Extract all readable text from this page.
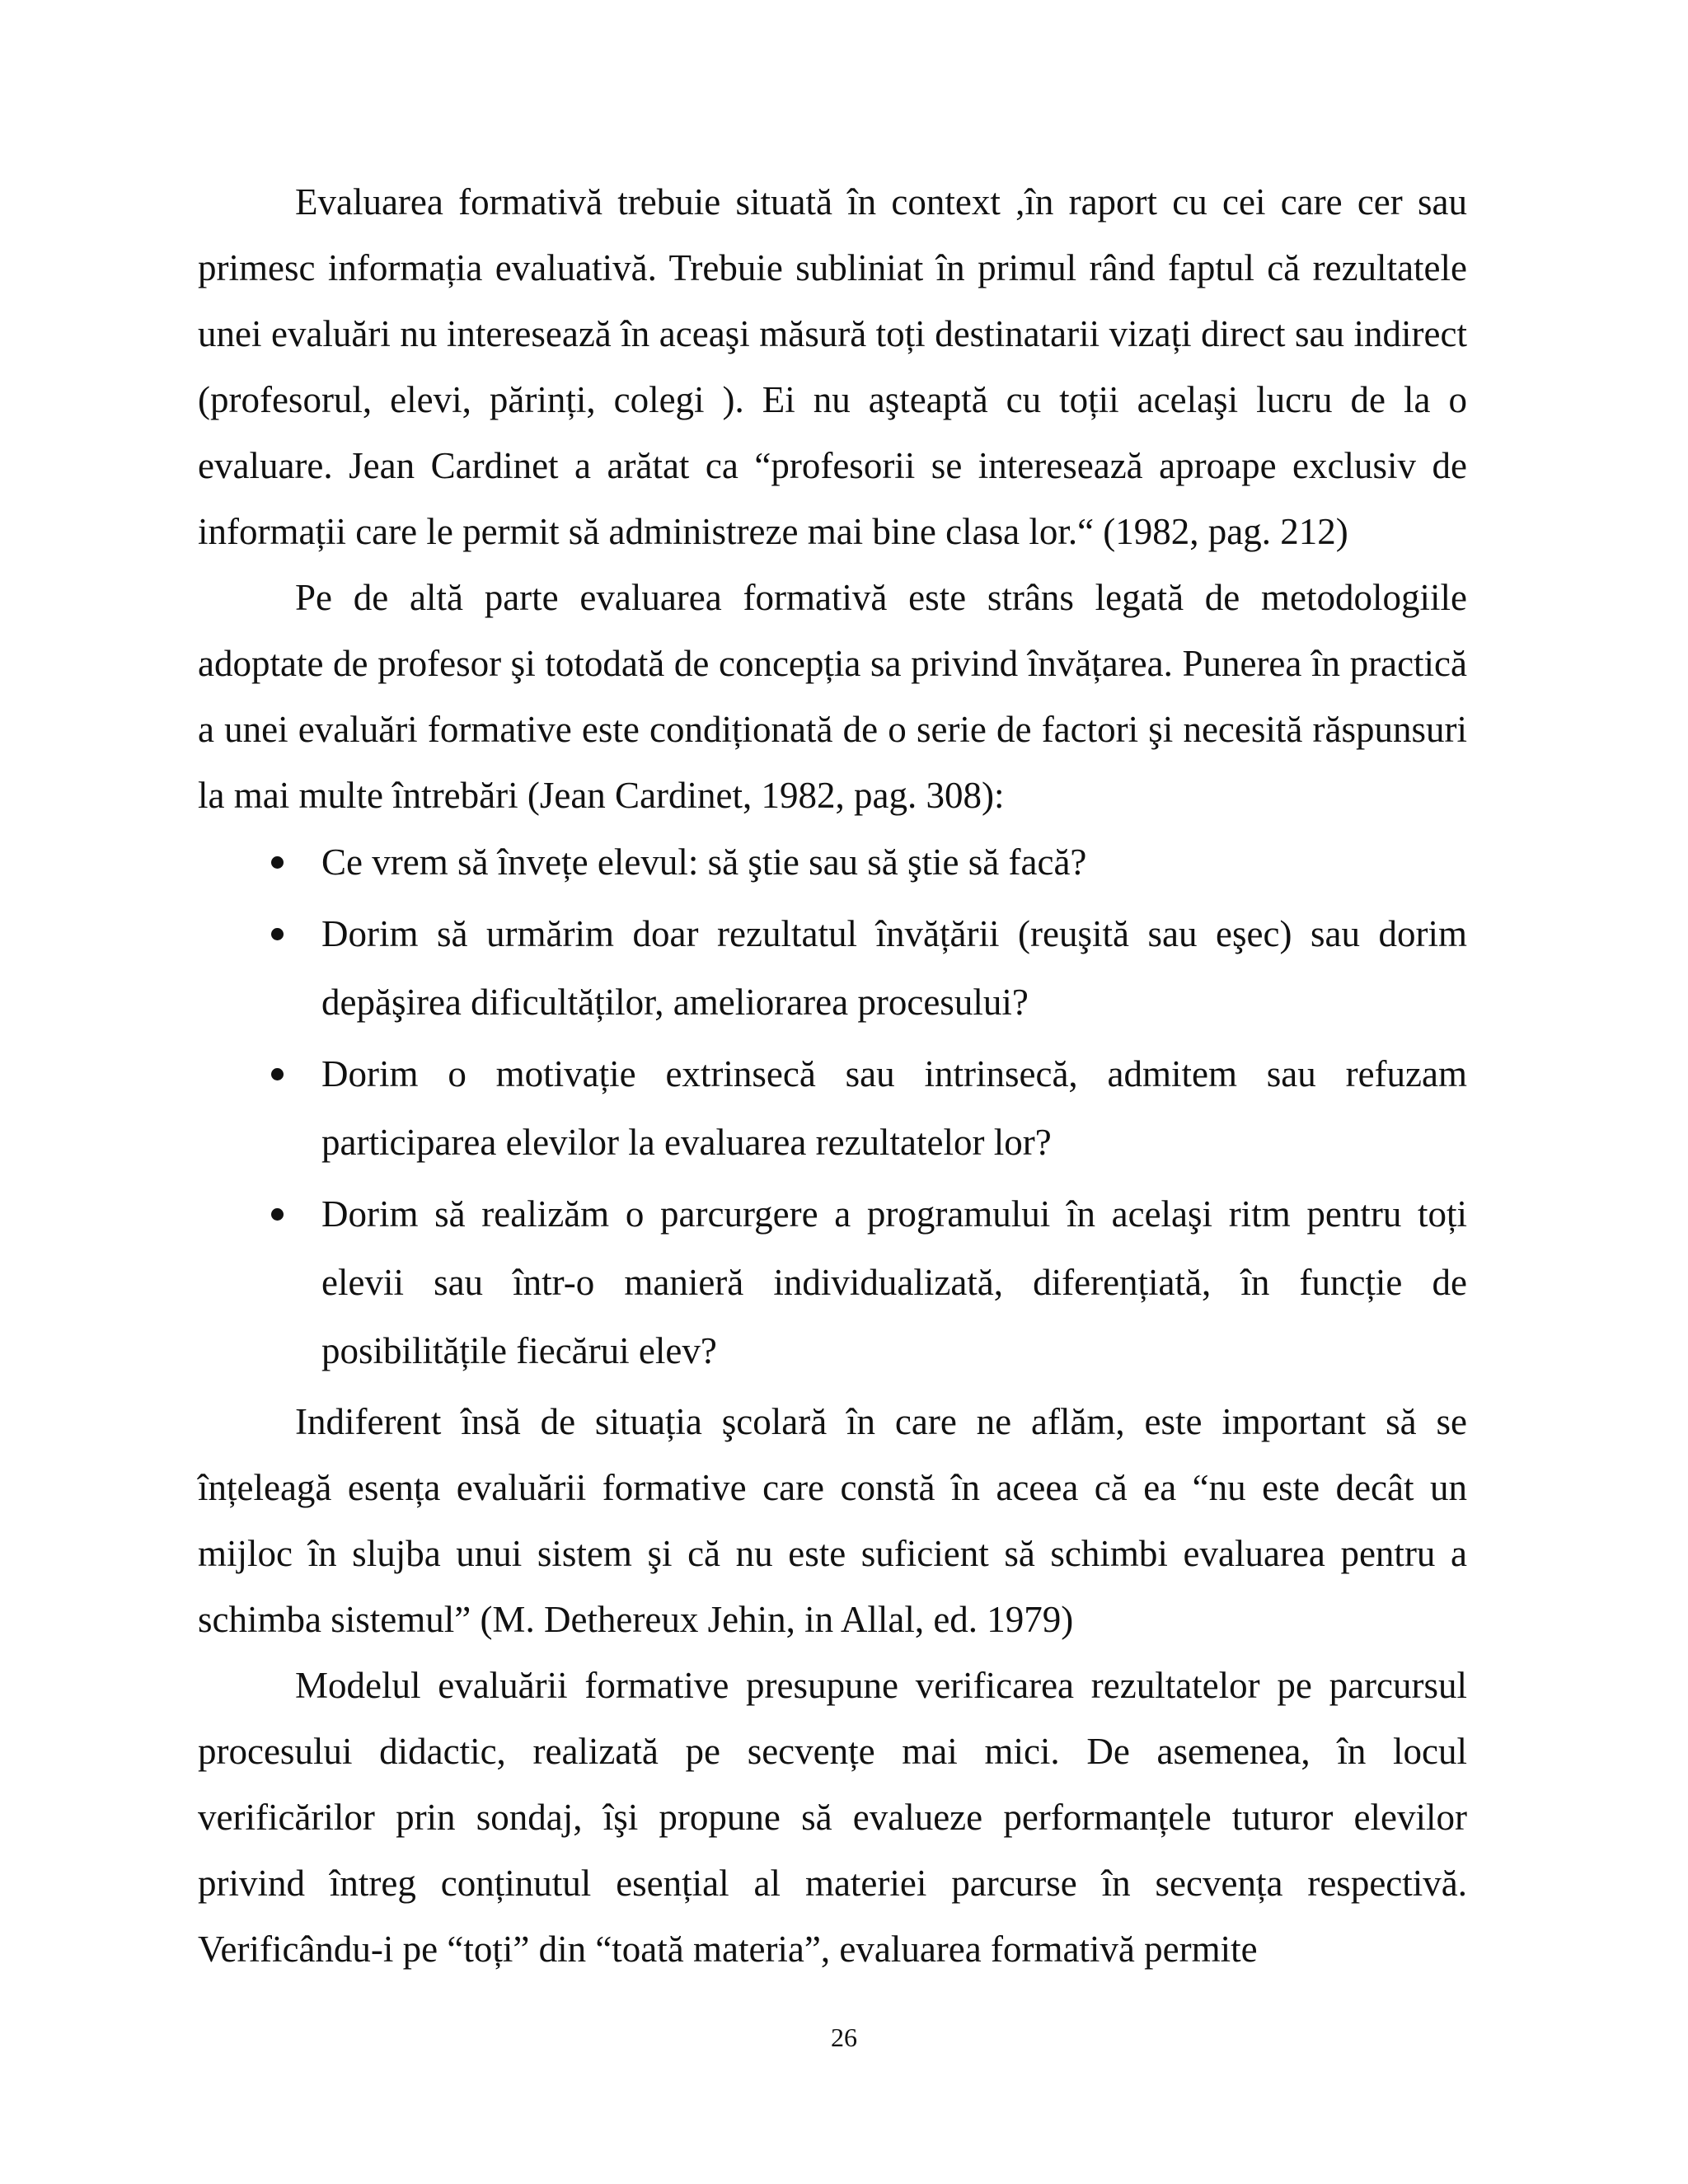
Evaluarea formativă trebuie situată în context ,în raport cu cei care cer sau primesc informația evaluativă. Trebuie subliniat în primul rând faptul că rezultatele unei evaluări nu interesează în aceaşi măsură toți destinatarii vizați direct sau indirect (profesorul, elevi, părinți, colegi ). Ei nu aşteaptă cu toții acelaşi lucru de la o evaluare. Jean Cardinet a arătat ca “profesorii se interesează aproape exclusiv de informații care le permit să administreze mai bine clasa lor.“ (1982, pag. 212)

Pe de altă parte evaluarea formativă este strâns legată de metodologiile adoptate de profesor şi totodată de concepția sa privind învățarea. Punerea în practică a unei evaluări formative este condiționată de o serie de factori şi necesită răspunsuri la mai multe întrebări (Jean Cardinet, 1982, pag. 308):

Ce vrem să învețe elevul: să ştie sau să ştie să facă?
Dorim să urmărim doar rezultatul învățării (reuşită sau eşec) sau dorim depăşirea dificultăților, ameliorarea procesului?
Dorim o motivație extrinsecă sau intrinsecă, admitem sau refuzam participarea elevilor la evaluarea rezultatelor lor?
Dorim să realizăm o parcurgere a programului în acelaşi ritm pentru toți elevii sau într-o manieră individualizată, diferențiată, în funcție de posibilitățile fiecărui elev?

Indiferent însă de situația şcolară în care ne aflăm, este important să se înțeleagă esența evaluării formative care constă în aceea că ea “nu este decât un mijloc în slujba unui sistem şi că nu este suficient să schimbi evaluarea pentru a schimba sistemul” (M. Dethereux Jehin, in Allal, ed. 1979)

Modelul evaluării formative presupune verificarea rezultatelor pe parcursul procesului didactic, realizată pe secvențe mai mici. De asemenea, în locul verificărilor prin sondaj, îşi propune să evalueze performanțele tuturor elevilor privind întreg conținutul esențial al materiei parcurse în secvența respectivă. Verificându-i pe “toți” din “toată materia”, evaluarea formativă permite

26
